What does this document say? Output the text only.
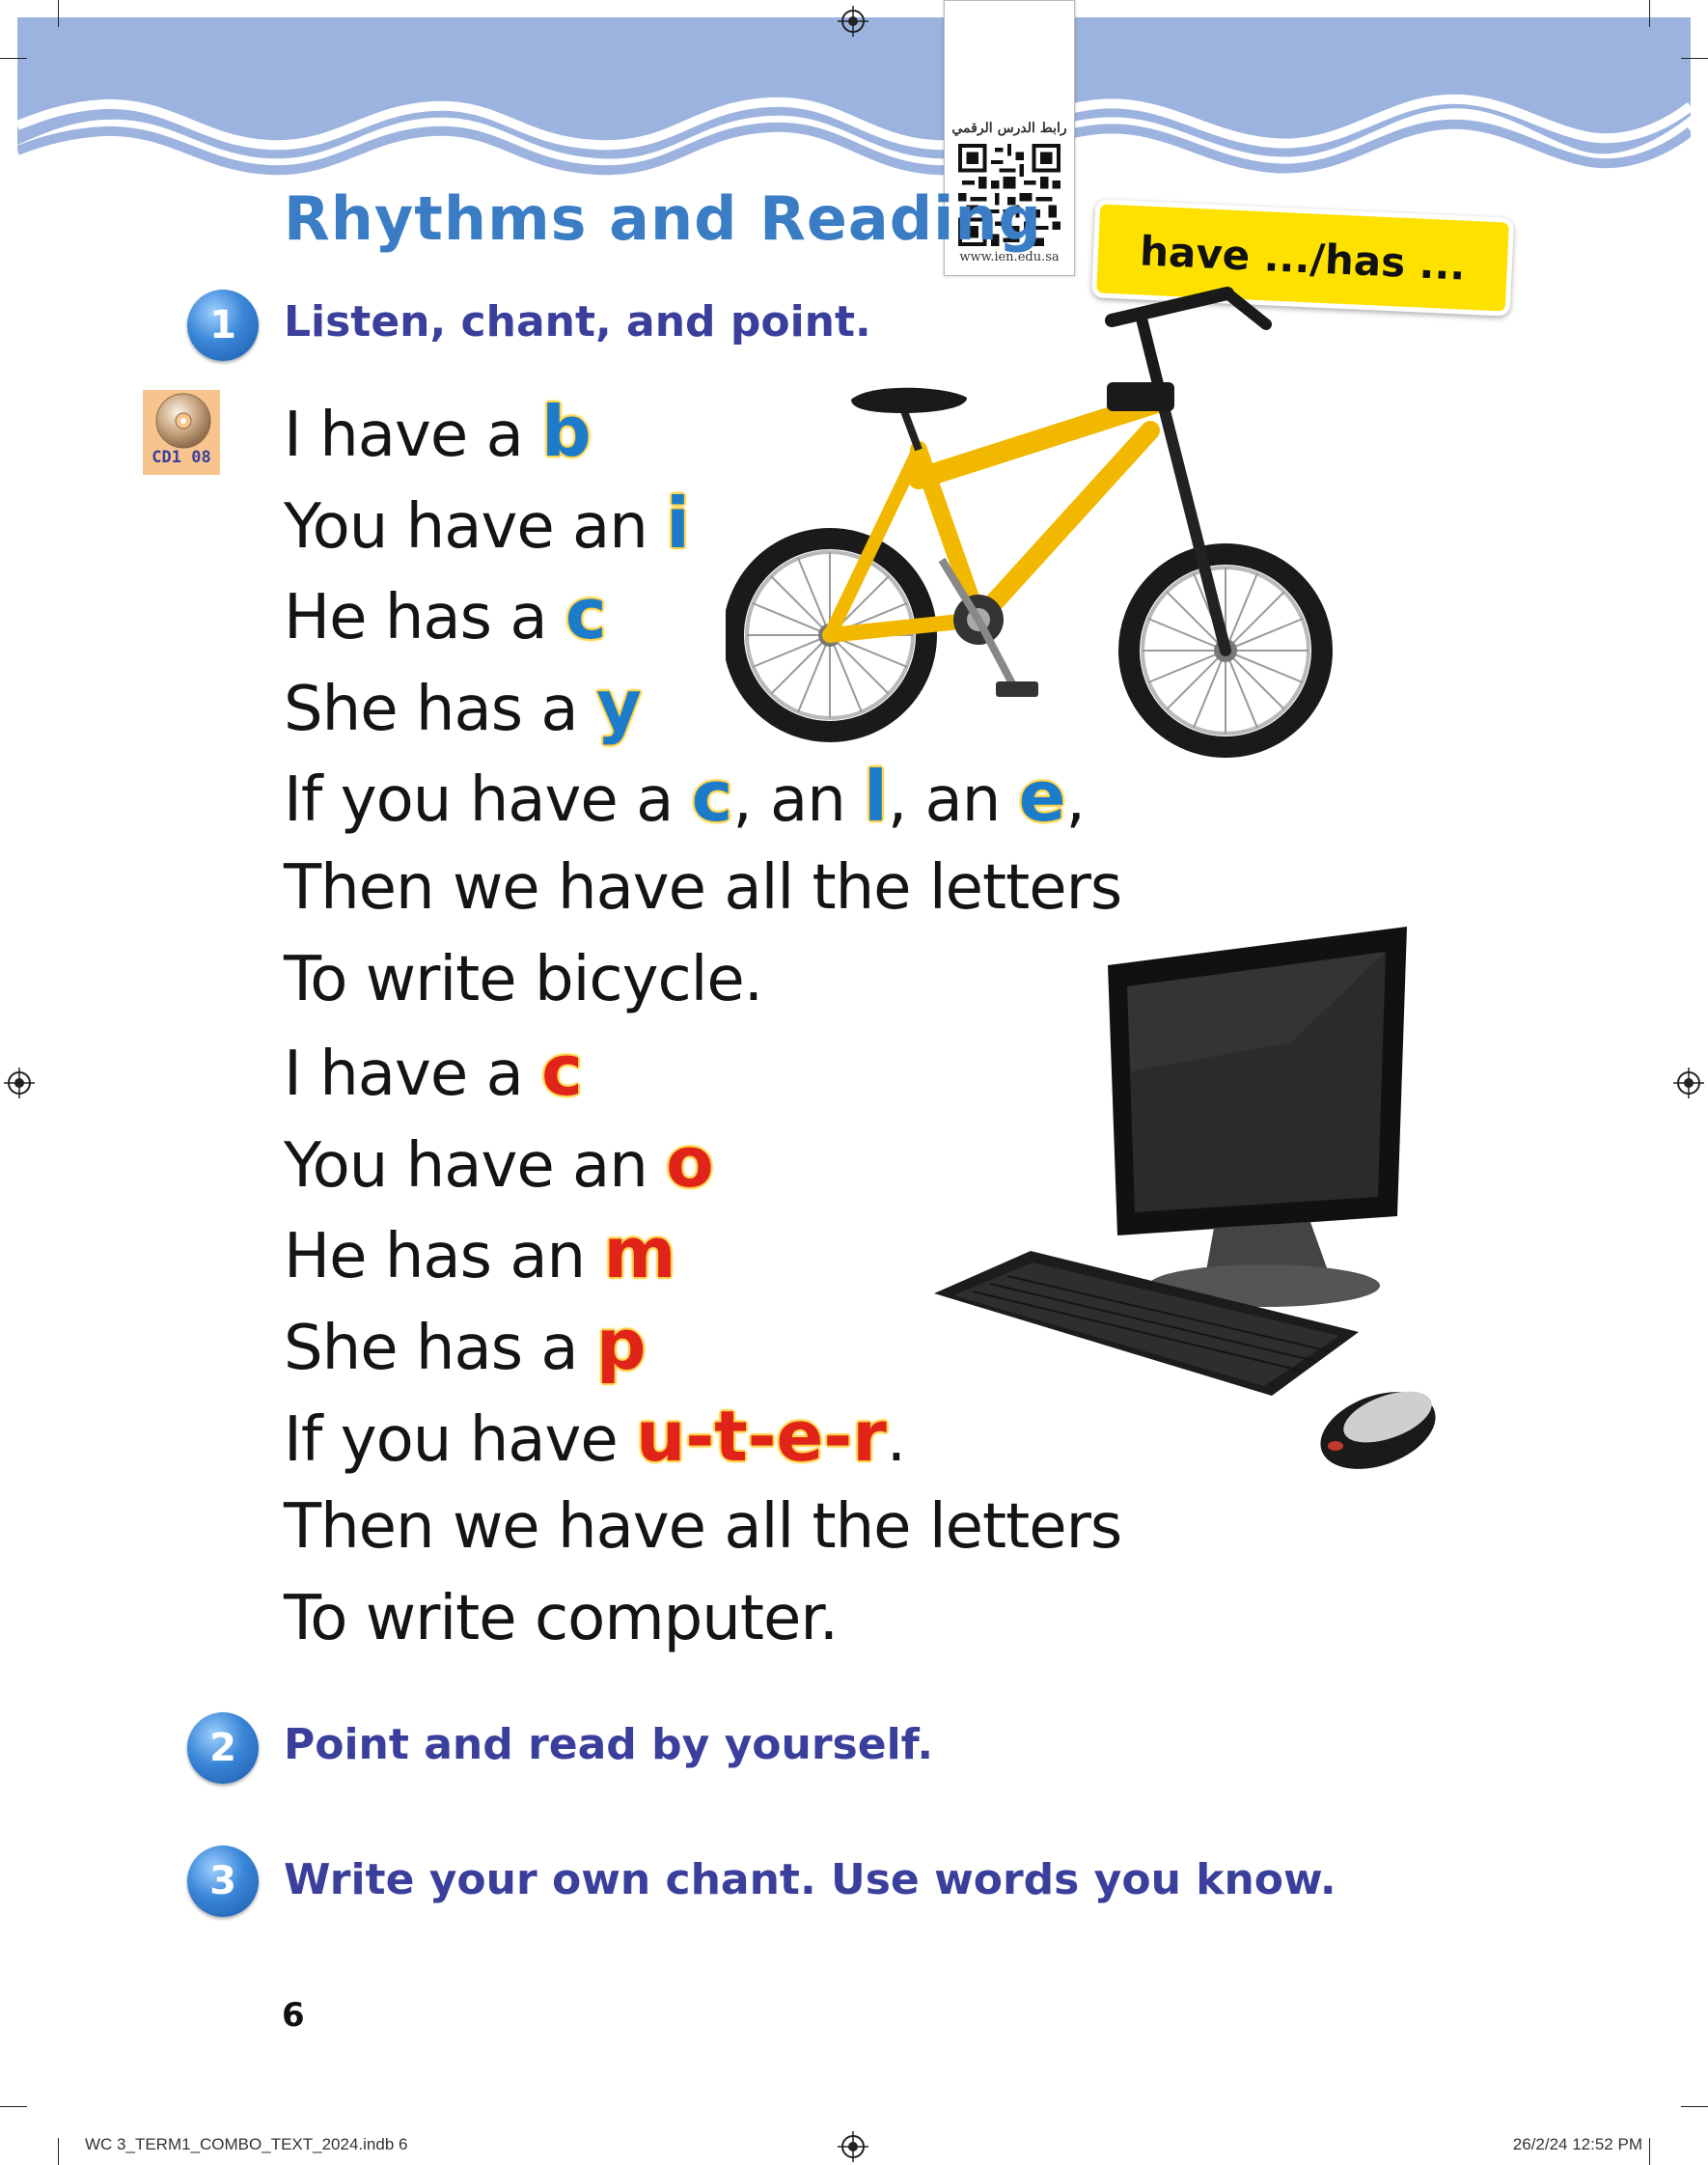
رابط الدرس الرقمي
www.ien.edu.sa
Rhythms and Reading
have .../has ...
1	Listen, chant, and point.
CD1 08 I have a b
You have an i
He has a c
She has a y
If you have a c, an l, an e,
Then we have all the letters
To write bicycle.
I have a c
You have an o
He has an m
She has a p
If you have u-t-e-r.
Then we have all the letters
To write computer.
2	Point and read by yourself.
3	Write your own chant. Use words you know.
6
WC 3_TERM1_COMBO_TEXT_2024.indb 6	26/2/24 12:52 PM
